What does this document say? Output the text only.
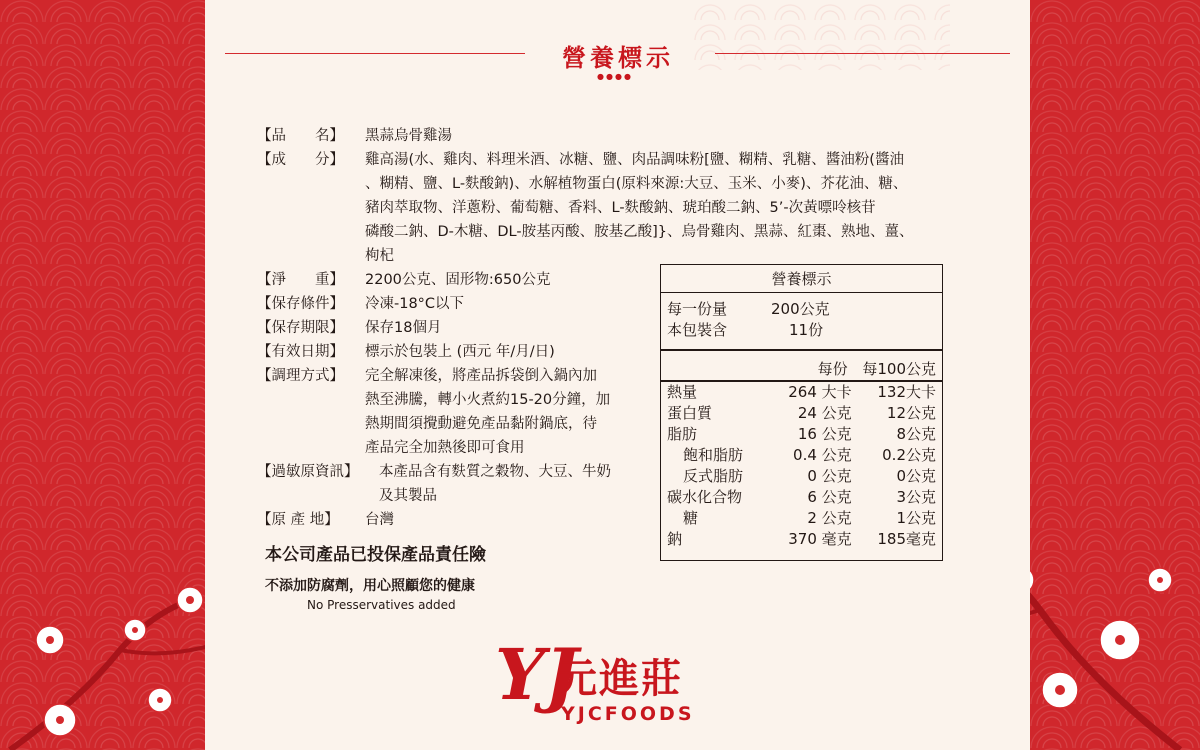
營養標示
●●●●
【品　　名】 黑蒜烏骨雞湯
【成　　分】 雞高湯(水、雞肉、料理米酒、冰糖、鹽、肉品調味粉[鹽、糊精、乳糖、醬油粉(醬油
、糊精、鹽、L-麩酸鈉)、水解植物蛋白(原料來源:大豆、玉米、小麥)、芥花油、糖、
豬肉萃取物、洋蔥粉、葡萄糖、香料、L-麩酸鈉、琥珀酸二鈉、5’-次黃嘌呤核苷
磷酸二鈉、D-木糖、DL-胺基丙酸、胺基乙酸]}、烏骨雞肉、黑蒜、紅棗、熟地、薑、
枸杞
【淨　　重】 2200公克、固形物:650公克
【保存條件】 冷凍-18°C以下
【保存期限】 保存18個月
【有效日期】 標示於包裝上 (西元 年/月/日)
【調理方式】 完全解凍後，將產品拆袋倒入鍋內加
熱至沸騰，轉小火煮約15-20分鐘，加
熱期間須攪動避免產品黏附鍋底，待
產品完全加熱後即可食用
【過敏原資訊】 本產品含有麩質之穀物、大豆、牛奶
及其製品
【原 產 地】 台灣
本公司產品已投保產品責任險
不添加防腐劑，用心照顧您的健康
No Presservatives added
營養標示
每一份量	200公克
本包裝含	11份
每份 每100公克
熱量	264 大卡	132大卡
蛋白質	24 公克	12公克
脂肪	16 公克	8公克
飽和脂肪	0.4 公克	0.2公克
反式脂肪	0 公克	0公克
碳水化合物	6 公克	3公克
糖	2 公克	1公克
鈉	370 毫克	185毫克
YJ
元進莊
YJCFOODS
